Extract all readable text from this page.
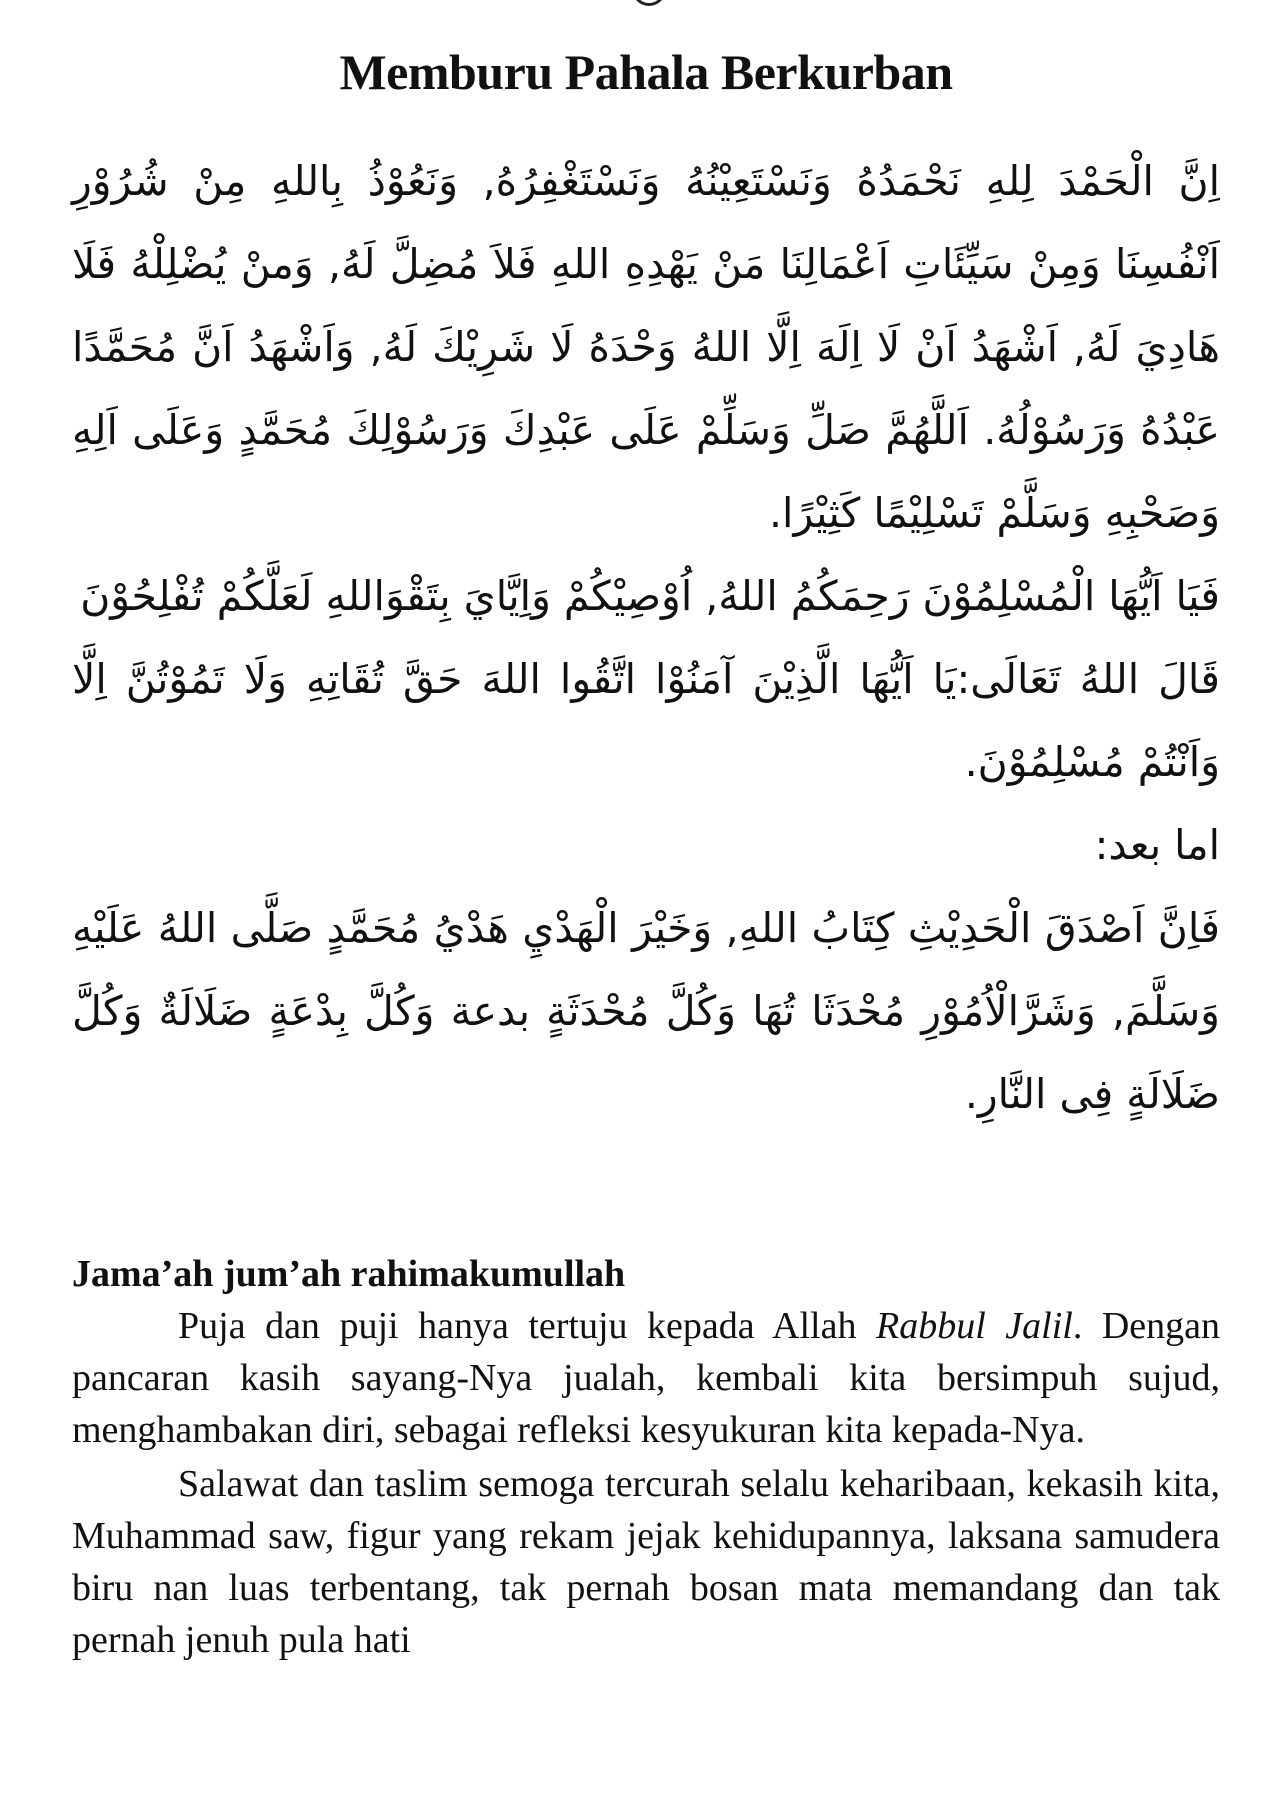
Memburu Pahala Berkurban

اِنَّ الْحَمْدَ لِلهِ نَحْمَدُهُ وَنَسْتَعِيْنُهُ وَنَسْتَغْفِرُهُ, وَنَعُوْذُ بِاللهِ مِنْ شُرُوْرِ اَنْفُسِنَا وَمِنْ سَيِّئَاتِ اَعْمَالِنَا مَنْ يَهْدِهِ اللهِ فَلاَ مُضِلَّ لَهُ, وَمنْ يُضْلِلْهُ فَلَا هَادِيَ لَهُ, اَشْهَدُ اَنْ لَا اِلَهَ اِلَّا اللهُ وَحْدَهُ لَا شَرِيْكَ لَهُ, وَاَشْهَدُ اَنَّ مُحَمَّدًا عَبْدُهُ وَرَسُوْلُهُ. اَللَّهُمَّ صَلِّ وَسَلِّمْ عَلَى عَبْدِكَ وَرَسُوْلِكَ مُحَمَّدٍ وَعَلَى اَلِهِ وَصَحْبِهِ وَسَلَّمْ تَسْلِيْمًا كَثِيْرًا.

فَيَا اَيُّهَا الْمُسْلِمُوْنَ رَحِمَكُمُ اللهُ, اُوْصِيْكُمْ وَاِيَّايَ بِتَقْوَاللهِ لَعَلَّكُمْ تُفْلِحُوْنَ

قَالَ اللهُ تَعَالَى:يَا اَيُّهَا الَّذِيْنَ آمَنُوْا اتَّقُوا اللهَ حَقَّ تُقَاتِهِ وَلَا تَمُوْتُنَّ اِلَّا وَاَنْتُمْ مُسْلِمُوْنَ.

اما بعد:

فَاِنَّ اَصْدَقَ الْحَدِيْثِ كِتَابُ اللهِ, وَخَيْرَ الْهَدْيِ هَدْيُ مُحَمَّدٍ صَلَّى اللهُ عَلَيْهِ وَسَلَّمَ, وَشَرَّالْاُمُوْرِ مُحْدَثَا تُهَا وَكُلَّ مُحْدَثَةٍ بدعة وَكُلَّ بِدْعَةٍ ضَلَالَةٌ وَكُلَّ ضَلَالَةٍ فِى النَّارِ.

Jama’ah jum’ah rahimakumullah

Puja dan puji hanya tertuju kepada Allah Rabbul Jalil. Dengan pancaran kasih sayang-Nya jualah, kembali kita bersimpuh sujud, menghambakan diri, sebagai refleksi kesyukuran kita kepada-Nya.

Salawat dan taslim semoga tercurah selalu keharibaan, kekasih kita, Muhammad saw, figur yang rekam jejak kehidupannya, laksana samudera biru nan luas terbentang, tak pernah bosan mata memandang dan tak pernah jenuh pula hati
